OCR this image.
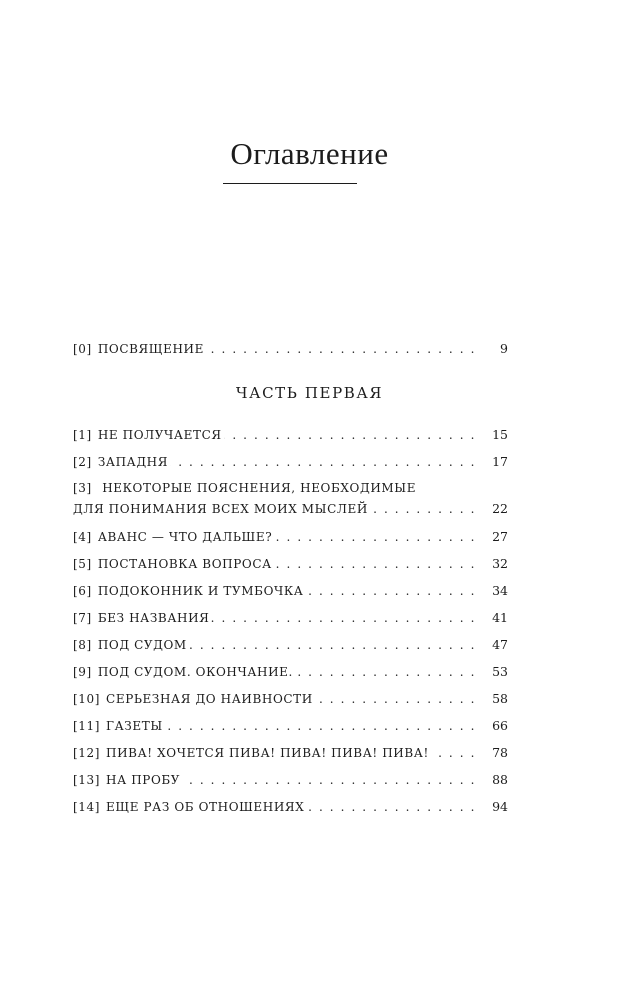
Оглавление
[0] ПОСВЯЩЕНИЕ . . .	9
ЧАСТЬ ПЕРВАЯ
[1] НЕ ПОЛУЧАЕТСЯ . . .	15
[2] ЗАПАДНЯ . . .	17
[3] НЕКОТОРЫЕ ПОЯСНЕНИЯ, НЕОБХОДИМЫЕ
ДЛЯ ПОНИМАНИЯ ВСЕХ МОИХ МЫСЛЕЙ . . .	22
[4] АВАНС — ЧТО ДАЛЬШЕ? . . .	27
[5] ПОСТАНОВКА ВОПРОСА . . .	32
[6] ПОДОКОННИК И ТУМБОЧКА . . .	34
[7] БЕЗ НАЗВАНИЯ . . .	41
[8] ПОД СУДОМ . . .	47
[9] ПОД СУДОМ. ОКОНЧАНИЕ. . . .	53
[10] СЕРЬЕЗНАЯ ДО НАИВНОСТИ . . .	58
[11] ГАЗЕТЫ . . .	66
[12] ПИВА! ХОЧЕТСЯ ПИВА! ПИВА! ПИВА! ПИВА! . . .	78
[13] НА ПРОБУ . . .	88
[14] ЕЩЕ РАЗ ОБ ОТНОШЕНИЯХ . . .	94
